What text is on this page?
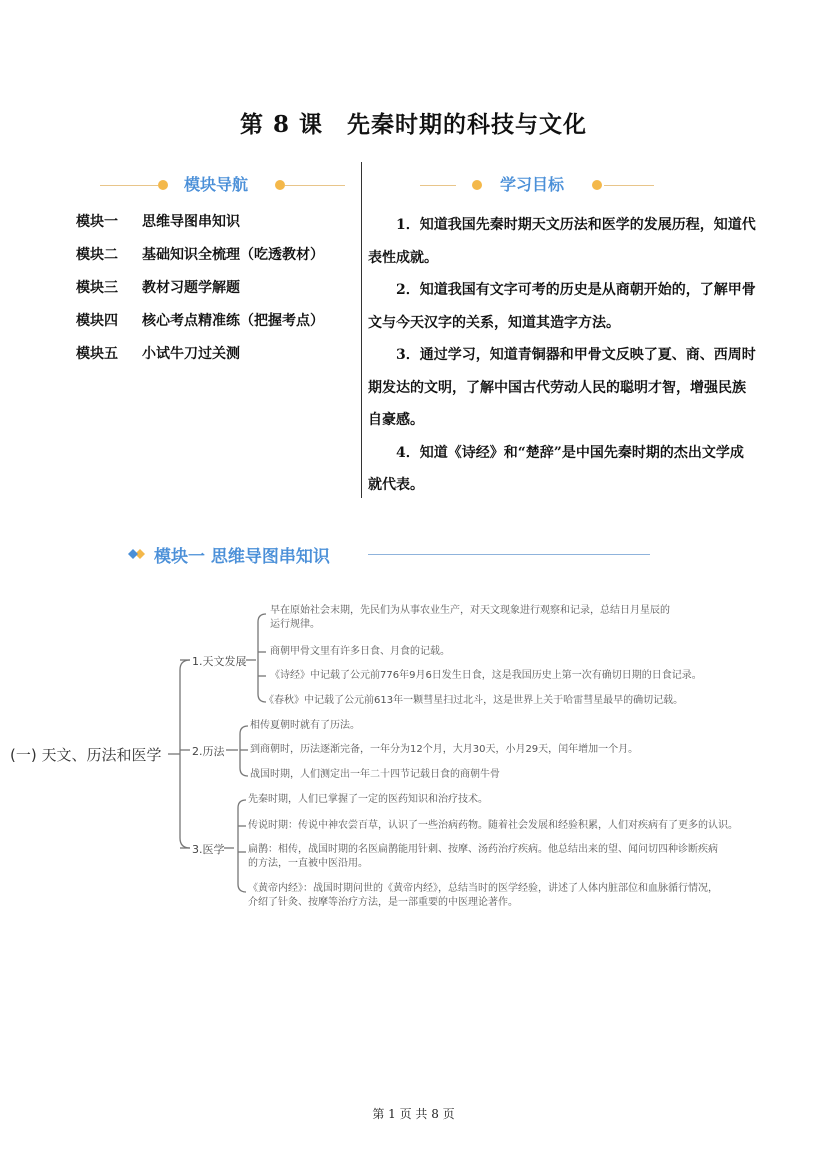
第 8 课　先秦时期的科技与文化
模块导航	学习目标
模块一 思维导图串知识
模块二 基础知识全梳理（吃透教材）
模块三 教材习题学解题
模块四 核心考点精准练（把握考点）
模块五 小试牛刀过关测

1．知道我国先秦时期天文历法和医学的发展历程，知道代表性成就。

2．知道我国有文字可考的历史是从商朝开始的，了解甲骨文与今天汉字的关系，知道其造字方法。

3．通过学习，知道青铜器和甲骨文反映了夏、商、西周时期发达的文明，了解中国古代劳动人民的聪明才智，增强民族自豪感。

4．知道《诗经》和“楚辞”是中国先秦时期的杰出文学成就代表。

模块一 思维导图串知识
(一) 天文、历法和医学
1.天文发展
2.历法
3.医学
早在原始社会末期，先民们为从事农业生产，对天文现象进行观察和记录，总结日月星辰的
运行规律。
商朝甲骨文里有许多日食、月食的记载。
《诗经》中记载了公元前776年9月6日发生日食，这是我国历史上第一次有确切日期的日食记录。
《春秋》中记载了公元前613年一颗彗星扫过北斗，这是世界上关于哈雷彗星最早的确切记载。
相传夏朝时就有了历法。
到商朝时，历法逐渐完备，一年分为12个月，大月30天，小月29天，闰年增加一个月。
战国时期，人们测定出一年二十四节记载日食的商朝牛骨
先秦时期，人们已掌握了一定的医药知识和治疗技术。
传说时期：传说中神农尝百草，认识了一些治病药物。随着社会发展和经验积累，人们对疾病有了更多的认识。
扁鹊：相传，战国时期的名医扁鹊能用针刺、按摩、汤药治疗疾病。他总结出来的望、闻问切四种诊断疾病
的方法，一直被中医沿用。
《黄帝内经》：战国时期问世的《黄帝内经》，总结当时的医学经验，讲述了人体内脏部位和血脉循行情况，
介绍了针灸、按摩等治疗方法，是一部重要的中医理论著作。
第 1 页 共 8 页
